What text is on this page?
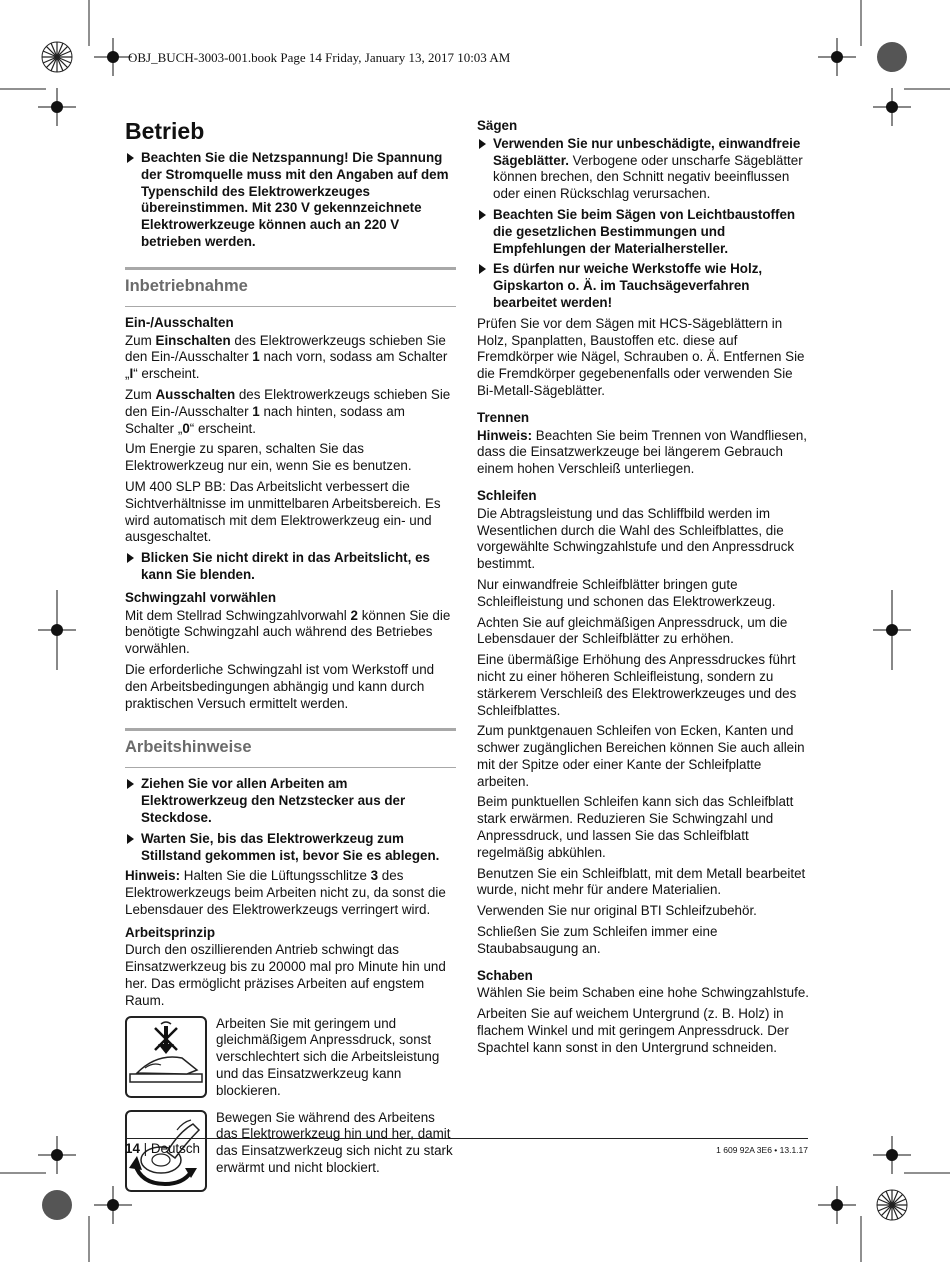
OBJ_BUCH-3003-001.book Page 14 Friday, January 13, 2017 10:03 AM
Betrieb
Beachten Sie die Netzspannung! Die Spannung der Stromquelle muss mit den Angaben auf dem Typenschild des Elektrowerkzeuges übereinstimmen. Mit 230 V gekennzeichnete Elektrowerkzeuge können auch an 220 V betrieben werden.
Inbetriebnahme
Ein-/Ausschalten

Zum Einschalten des Elektrowerkzeugs schieben Sie den Ein-/Ausschalter 1 nach vorn, sodass am Schalter „I“ erscheint.

Zum Ausschalten des Elektrowerkzeugs schieben Sie den Ein-/Ausschalter 1 nach hinten, sodass am Schalter „0“ erscheint.

Um Energie zu sparen, schalten Sie das Elektrowerkzeug nur ein, wenn Sie es benutzen.

UM 400 SLP BB: Das Arbeitslicht verbessert die Sichtverhältnisse im unmittelbaren Arbeitsbereich. Es wird automatisch mit dem Elektrowerkzeug ein- und ausgeschaltet.

Blicken Sie nicht direkt in das Arbeitslicht, es kann Sie blenden.
Schwingzahl vorwählen

Mit dem Stellrad Schwingzahlvorwahl 2 können Sie die benötigte Schwingzahl auch während des Betriebes vorwählen.

Die erforderliche Schwingzahl ist vom Werkstoff und den Arbeitsbedingungen abhängig und kann durch praktischen Versuch ermittelt werden.

Arbeitshinweise
Ziehen Sie vor allen Arbeiten am Elektrowerkzeug den Netzstecker aus der Steckdose.
Warten Sie, bis das Elektrowerkzeug zum Stillstand gekommen ist, bevor Sie es ablegen.

Hinweis: Halten Sie die Lüftungsschlitze 3 des Elektrowerkzeugs beim Arbeiten nicht zu, da sonst die Lebensdauer des Elektrowerkzeugs verringert wird.

Arbeitsprinzip

Durch den oszillierenden Antrieb schwingt das Einsatzwerkzeug bis zu 20000 mal pro Minute hin und her. Das ermöglicht präzises Arbeiten auf engstem Raum.

Arbeiten Sie mit geringem und gleichmäßigem Anpressdruck, sonst verschlechtert sich die Arbeitsleistung und das Einsatzwerkzeug kann blockieren.

Bewegen Sie während des Arbeitens das Elektrowerkzeug hin und her, damit das Einsatzwerkzeug sich nicht zu stark erwärmt und nicht blockiert.

Sägen
Verwenden Sie nur unbeschädigte, einwandfreie Sägeblätter. Verbogene oder unscharfe Sägeblätter können brechen, den Schnitt negativ beeinflussen oder einen Rückschlag verursachen.
Beachten Sie beim Sägen von Leichtbaustoffen die gesetzlichen Bestimmungen und Empfehlungen der Materialhersteller.
Es dürfen nur weiche Werkstoffe wie Holz, Gipskarton o. Ä. im Tauchsägeverfahren bearbeitet werden!

Prüfen Sie vor dem Sägen mit HCS-Sägeblättern in Holz, Spanplatten, Baustoffen etc. diese auf Fremdkörper wie Nägel, Schrauben o. Ä. Entfernen Sie die Fremdkörper gegebenenfalls oder verwenden Sie Bi-Metall-Sägeblätter.

Trennen

Hinweis: Beachten Sie beim Trennen von Wandfliesen, dass die Einsatzwerkzeuge bei längerem Gebrauch einem hohen Verschleiß unterliegen.

Schleifen

Die Abtragsleistung und das Schliffbild werden im Wesentlichen durch die Wahl des Schleifblattes, die vorgewählte Schwingzahlstufe und den Anpressdruck bestimmt.

Nur einwandfreie Schleifblätter bringen gute Schleifleistung und schonen das Elektrowerkzeug.

Achten Sie auf gleichmäßigen Anpressdruck, um die Lebensdauer der Schleifblätter zu erhöhen.

Eine übermäßige Erhöhung des Anpressdruckes führt nicht zu einer höheren Schleifleistung, sondern zu stärkerem Verschleiß des Elektrowerkzeuges und des Schleifblattes.

Zum punktgenauen Schleifen von Ecken, Kanten und schwer zugänglichen Bereichen können Sie auch allein mit der Spitze oder einer Kante der Schleifplatte arbeiten.

Beim punktuellen Schleifen kann sich das Schleifblatt stark erwärmen. Reduzieren Sie Schwingzahl und Anpressdruck, und lassen Sie das Schleifblatt regelmäßig abkühlen.

Benutzen Sie ein Schleifblatt, mit dem Metall bearbeitet wurde, nicht mehr für andere Materialien.

Verwenden Sie nur original BTI Schleifzubehör.

Schließen Sie zum Schleifen immer eine Staubabsaugung an.

Schaben

Wählen Sie beim Schaben eine hohe Schwingzahlstufe.

Arbeiten Sie auf weichem Untergrund (z. B. Holz) in flachem Winkel und mit geringem Anpressdruck. Der Spachtel kann sonst in den Untergrund schneiden.

14 | Deutsch	1 609 92A 3E6 • 13.1.17
